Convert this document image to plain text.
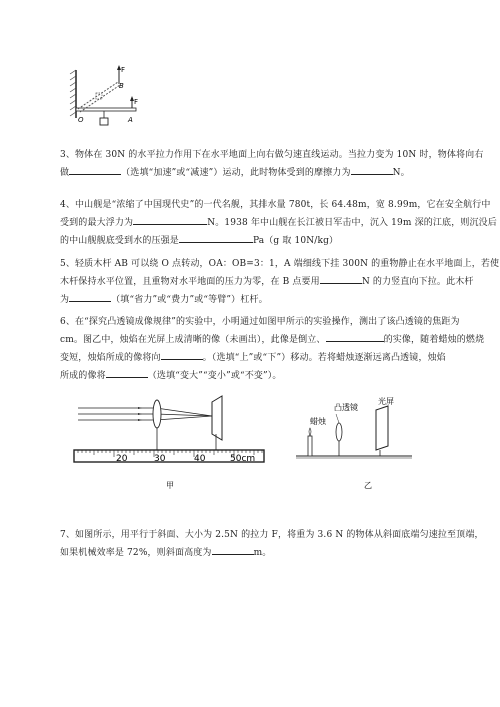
F
B
F
O	A
3、物体在 30N 的水平拉力作用下在水平地面上向右做匀速直线运动。当拉力变为 10N 时，物体将向右
做	（选填“加速”或“减速”）运动，此时物体受到的摩擦力为	N。
4、中山舰是“浓缩了中国现代史”的一代名舰，其排水量 780t，长 64.48m，宽 8.99m，它在安全航行中
受到的最大浮力为	N。1938 年中山舰在长江被日军击中，沉入 19m 深的江底，则沉没后
的中山舰舰底受到水的压强是	Pa（g 取 10N/kg）
5、轻质木杆 AB 可以绕 O 点转动，OA：OB=3：1，A 端细线下挂 300N 的重物静止在水平地面上，若使
木杆保持水平位置，且重物对水平地面的压力为零，在 B 点要用	N 的力竖直向下拉。此木杆
为	（填“省力”或“费力”或“等臂”）杠杆。
6、在“探究凸透镜成像规律”的实验中，小明通过如图甲所示的实验操作，测出了该凸透镜的焦距为
cm。图乙中，烛焰在光屏上成清晰的像（未画出），此像是倒立、	的实像，随着蜡烛的燃烧
变短，烛焰所成的像将向	。（选填“上”或“下”）移动。若将蜡烛逐渐远离凸透镜，烛焰
所成的像将	（选填“变大”“变小”或“不变”）。
20	30	40	50cm
甲
蜡烛
凸透镜
光屏
乙
7、如图所示，用平行于斜面、大小为 2.5N 的拉力 F，将重为 3.6 N 的物体从斜面底端匀速拉至顶端，
如果机械效率是 72%，则斜面高度为	m。
